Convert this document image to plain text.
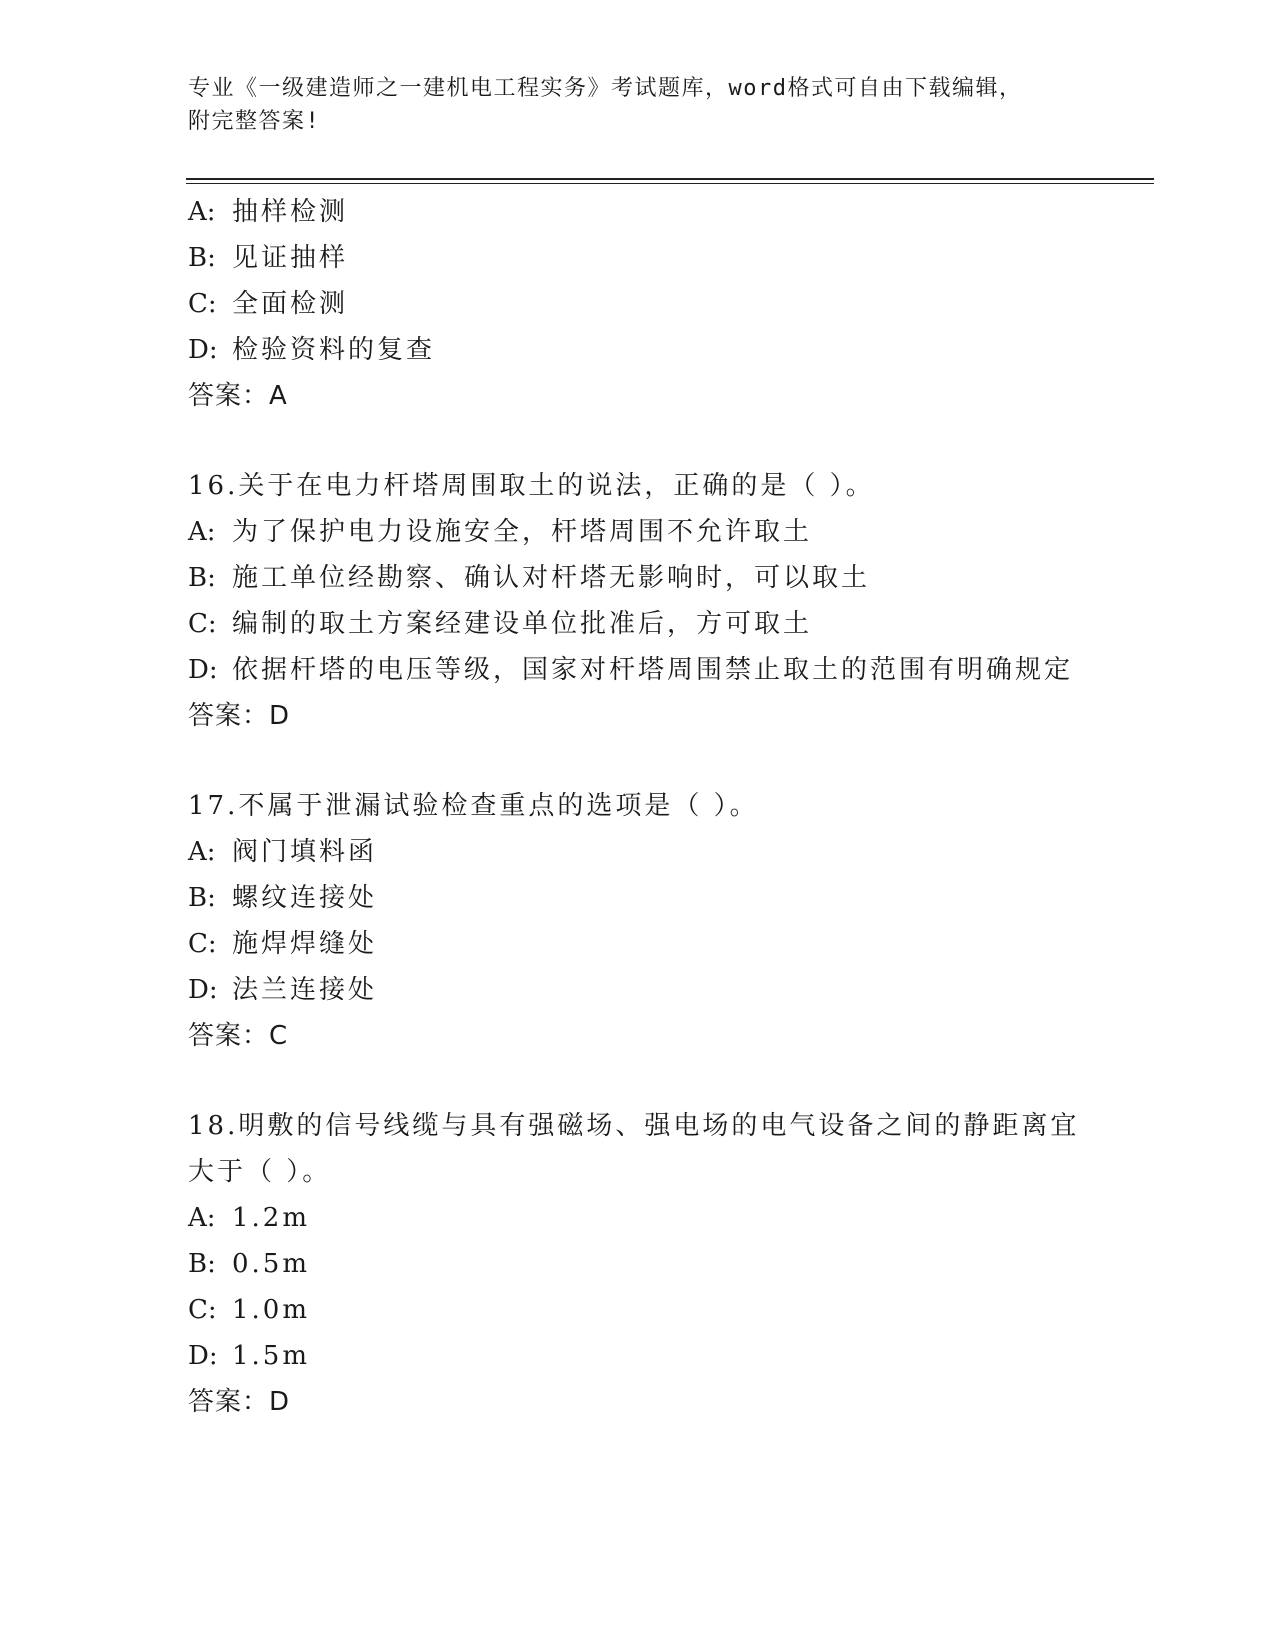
专业《一级建造师之一建机电工程实务》考试题库，word格式可自由下载编辑，
附完整答案!
A: 抽样检测
B: 见证抽样
C: 全面检测
D: 检验资料的复查
答案：A
16.关于在电力杆塔周围取土的说法，正确的是（ ）。
A: 为了保护电力设施安全，杆塔周围不允许取土
B: 施工单位经勘察、确认对杆塔无影响时，可以取土
C: 编制的取土方案经建设单位批准后，方可取土
D: 依据杆塔的电压等级，国家对杆塔周围禁止取土的范围有明确规定
答案：D
17.不属于泄漏试验检查重点的选项是（ ）。
A: 阀门填料函
B: 螺纹连接处
C: 施焊焊缝处
D: 法兰连接处
答案：C
18.明敷的信号线缆与具有强磁场、强电场的电气设备之间的静距离宜
大于（ ）。
A: 1.2m
B: 0.5m
C: 1.0m
D: 1.5m
答案：D
